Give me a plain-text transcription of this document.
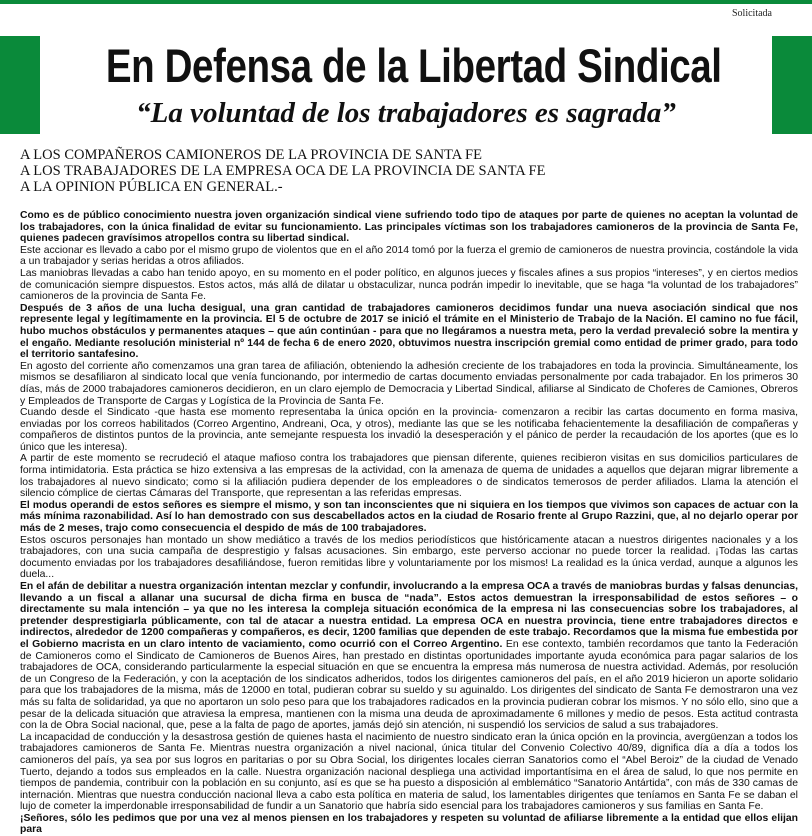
Solicitada
En Defensa de la Libertad Sindical
“La voluntad de los trabajadores es sagrada”
A LOS COMPAÑEROS CAMIONEROS DE LA PROVINCIA DE SANTA FE
A LOS TRABAJADORES DE LA EMPRESA OCA DE LA PROVINCIA DE SANTA FE
A LA OPINION PÚBLICA EN GENERAL.-

Como es de público conocimiento nuestra joven organización sindical viene sufriendo todo tipo de ataques por parte de quienes no aceptan la voluntad de los trabajadores, con la única finalidad de evitar su funcionamiento. Las principales víctimas son los trabajadores camioneros de la provincia de Santa Fe, quienes padecen gravísimos atropellos contra su libertad sindical.

Este accionar es llevado a cabo por el mismo grupo de violentos que en el año 2014 tomó por la fuerza el gremio de camioneros de nuestra provincia, costándole la vida a un trabajador y serias heridas a otros afiliados.

Las maniobras llevadas a cabo han tenido apoyo, en su momento en el poder político, en algunos jueces y fiscales afines a sus propios “intereses”, y en ciertos medios de comunicación siempre dispuestos. Estos actos, más allá de dilatar u obstaculizar, nunca podrán impedir lo inevitable, que se haga “la voluntad de los trabajadores” camioneros de la provincia de Santa Fe.

Después de 3 años de una lucha desigual, una gran cantidad de trabajadores camioneros decidimos fundar una nueva asociación sindical que nos represente legal y legítimamente en la provincia. El 5 de octubre de 2017 se inició el trámite en el Ministerio de Trabajo de la Nación. El camino no fue fácil, hubo muchos obstáculos y permanentes ataques – que aún continúan - para que no llegáramos a nuestra meta, pero la verdad prevaleció sobre la mentira y el engaño. Mediante resolución ministerial nº 144 de fecha 6 de enero 2020, obtuvimos nuestra inscripción gremial como entidad de primer grado, para todo el territorio santafesino.

En agosto del corriente año comenzamos una gran tarea de afiliación, obteniendo la adhesión creciente de los trabajadores en toda la provincia. Simultáneamente, los mismos se desafiliaron al sindicato local que venía funcionando, por intermedio de cartas documento enviadas personalmente por cada trabajador. En los primeros 30 días, más de 2000 trabajadores camioneros decidieron, en un claro ejemplo de Democracia y Libertad Sindical, afiliarse al Sindicato de Choferes de Camiones, Obreros y Empleados de Transporte de Cargas y Logística de la Provincia de Santa Fe.

Cuando desde el Sindicato -que hasta ese momento representaba la única opción en la provincia- comenzaron a recibir las cartas documento en forma masiva, enviadas por los correos habilitados (Correo Argentino, Andreani, Oca, y otros), mediante las que se les notificaba fehacientemente la desafiliación de compañeras y compañeros de distintos puntos de la provincia, ante semejante respuesta los invadió la desesperación y el pánico de perder la recaudación de los aportes (que es lo único que les interesa).

A partir de este momento se recrudeció el ataque mafioso contra los trabajadores que piensan diferente, quienes recibieron visitas en sus domicilios particulares de forma intimidatoria. Esta práctica se hizo extensiva a las empresas de la actividad, con la amenaza de quema de unidades a aquellos que dejaran migrar libremente a los trabajadores al nuevo sindicato; como si la afiliación pudiera depender de los empleadores o de sindicatos temerosos de perder afiliados. Llama la atención el silencio cómplice de ciertas Cámaras del Transporte, que representan a las referidas empresas.

El modus operandi de estos señores es siempre el mismo, y son tan inconscientes que ni siquiera en los tiempos que vivimos son capaces de actuar con la más mínima razonabilidad. Así lo han demostrado con sus descabellados actos en la ciudad de Rosario frente al Grupo Razzini, que, al no dejarlo operar por más de 2 meses, trajo como consecuencia el despido de más de 100 trabajadores.

Estos oscuros personajes han montado un show mediático a través de los medios periodísticos que históricamente atacan a nuestros dirigentes nacionales y a los trabajadores, con una sucia campaña de desprestigio y falsas acusaciones. Sin embargo, este perverso accionar no puede torcer la realidad. ¡Todas las cartas documento enviadas por los trabajadores desafiliándose, fueron remitidas libre y voluntariamente por los mismos! La realidad es la única verdad, aunque a algunos les duela...

En el afán de debilitar a nuestra organización intentan mezclar y confundir, involucrando a la empresa OCA a través de maniobras burdas y falsas denuncias, llevando a un fiscal a allanar una sucursal de dicha firma en busca de “nada”. Estos actos demuestran la irresponsabilidad de estos señores – o directamente su mala intención – ya que no les interesa la compleja situación económica de la empresa ni las consecuencias sobre los trabajadores, al pretender desprestigiarla públicamente, con tal de atacar a nuestra entidad. La empresa OCA en nuestra provincia, tiene entre trabajadores directos e indirectos, alrededor de 1200 compañeras y compañeros, es decir, 1200 familias que dependen de este trabajo. Recordamos que la misma fue embestida por el Gobierno macrista en un claro intento de vaciamiento, como ocurrió con el Correo Argentino. En ese contexto, también recordamos que tanto la Federación de Camioneros como el Sindicato de Camioneros de Buenos Aires, han prestado en distintas oportunidades importante ayuda económica para pagar salarios de los trabajadores de OCA, considerando particularmente la especial situación en que se encuentra la empresa más numerosa de nuestra actividad. Además, por resolución de un Congreso de la Federación, y con la aceptación de los sindicatos adheridos, todos los dirigentes camioneros del país, en el año 2019 hicieron un aporte solidario para que los trabajadores de la misma, más de 12000 en total, pudieran cobrar su sueldo y su aguinaldo. Los dirigentes del sindicato de Santa Fe demostraron una vez más su falta de solidaridad, ya que no aportaron un solo peso para que los trabajadores radicados en la provincia pudieran cobrar los mismos. Y no sólo ello, sino que a pesar de la delicada situación que atraviesa la empresa, mantienen con la misma una deuda de aproximadamente 6 millones y medio de pesos. Esta actitud contrasta con la de Obra Social nacional, que, pese a la falta de pago de aportes, jamás dejó sin atención, ni suspendió los servicios de salud a sus trabajadores.

La incapacidad de conducción y la desastrosa gestión de quienes hasta el nacimiento de nuestro sindicato eran la única opción en la provincia, avergüenzan a todos los trabajadores camioneros de Santa Fe. Mientras nuestra organización a nivel nacional, única titular del Convenio Colectivo 40/89, dignifica día a día a todos los camioneros del país, ya sea por sus logros en paritarias o por su Obra Social, los dirigentes locales cierran Sanatorios como el “Abel Beroiz” de la ciudad de Venado Tuerto, dejando a todos sus empleados en la calle. Nuestra organización nacional despliega una actividad importantísima en el área de salud, lo que nos permite en tiempos de pandemia, contribuir con la población en su conjunto, así es que se ha puesto a disposición al emblemático “Sanatorio Antártida”, con más de 330 camas de internación. Mientras que nuestra conducción nacional lleva a cabo esta política en materia de salud, los lamentables dirigentes que teníamos en Santa Fe se daban el lujo de cometer la imperdonable irresponsabilidad de fundir a un Sanatorio que habría sido esencial para los trabajadores camioneros y sus familias en Santa Fe.

¡Señores, sólo les pedimos que por una vez al menos piensen en los trabajadores y respeten su voluntad de afiliarse libremente a la entidad que ellos elijan para
